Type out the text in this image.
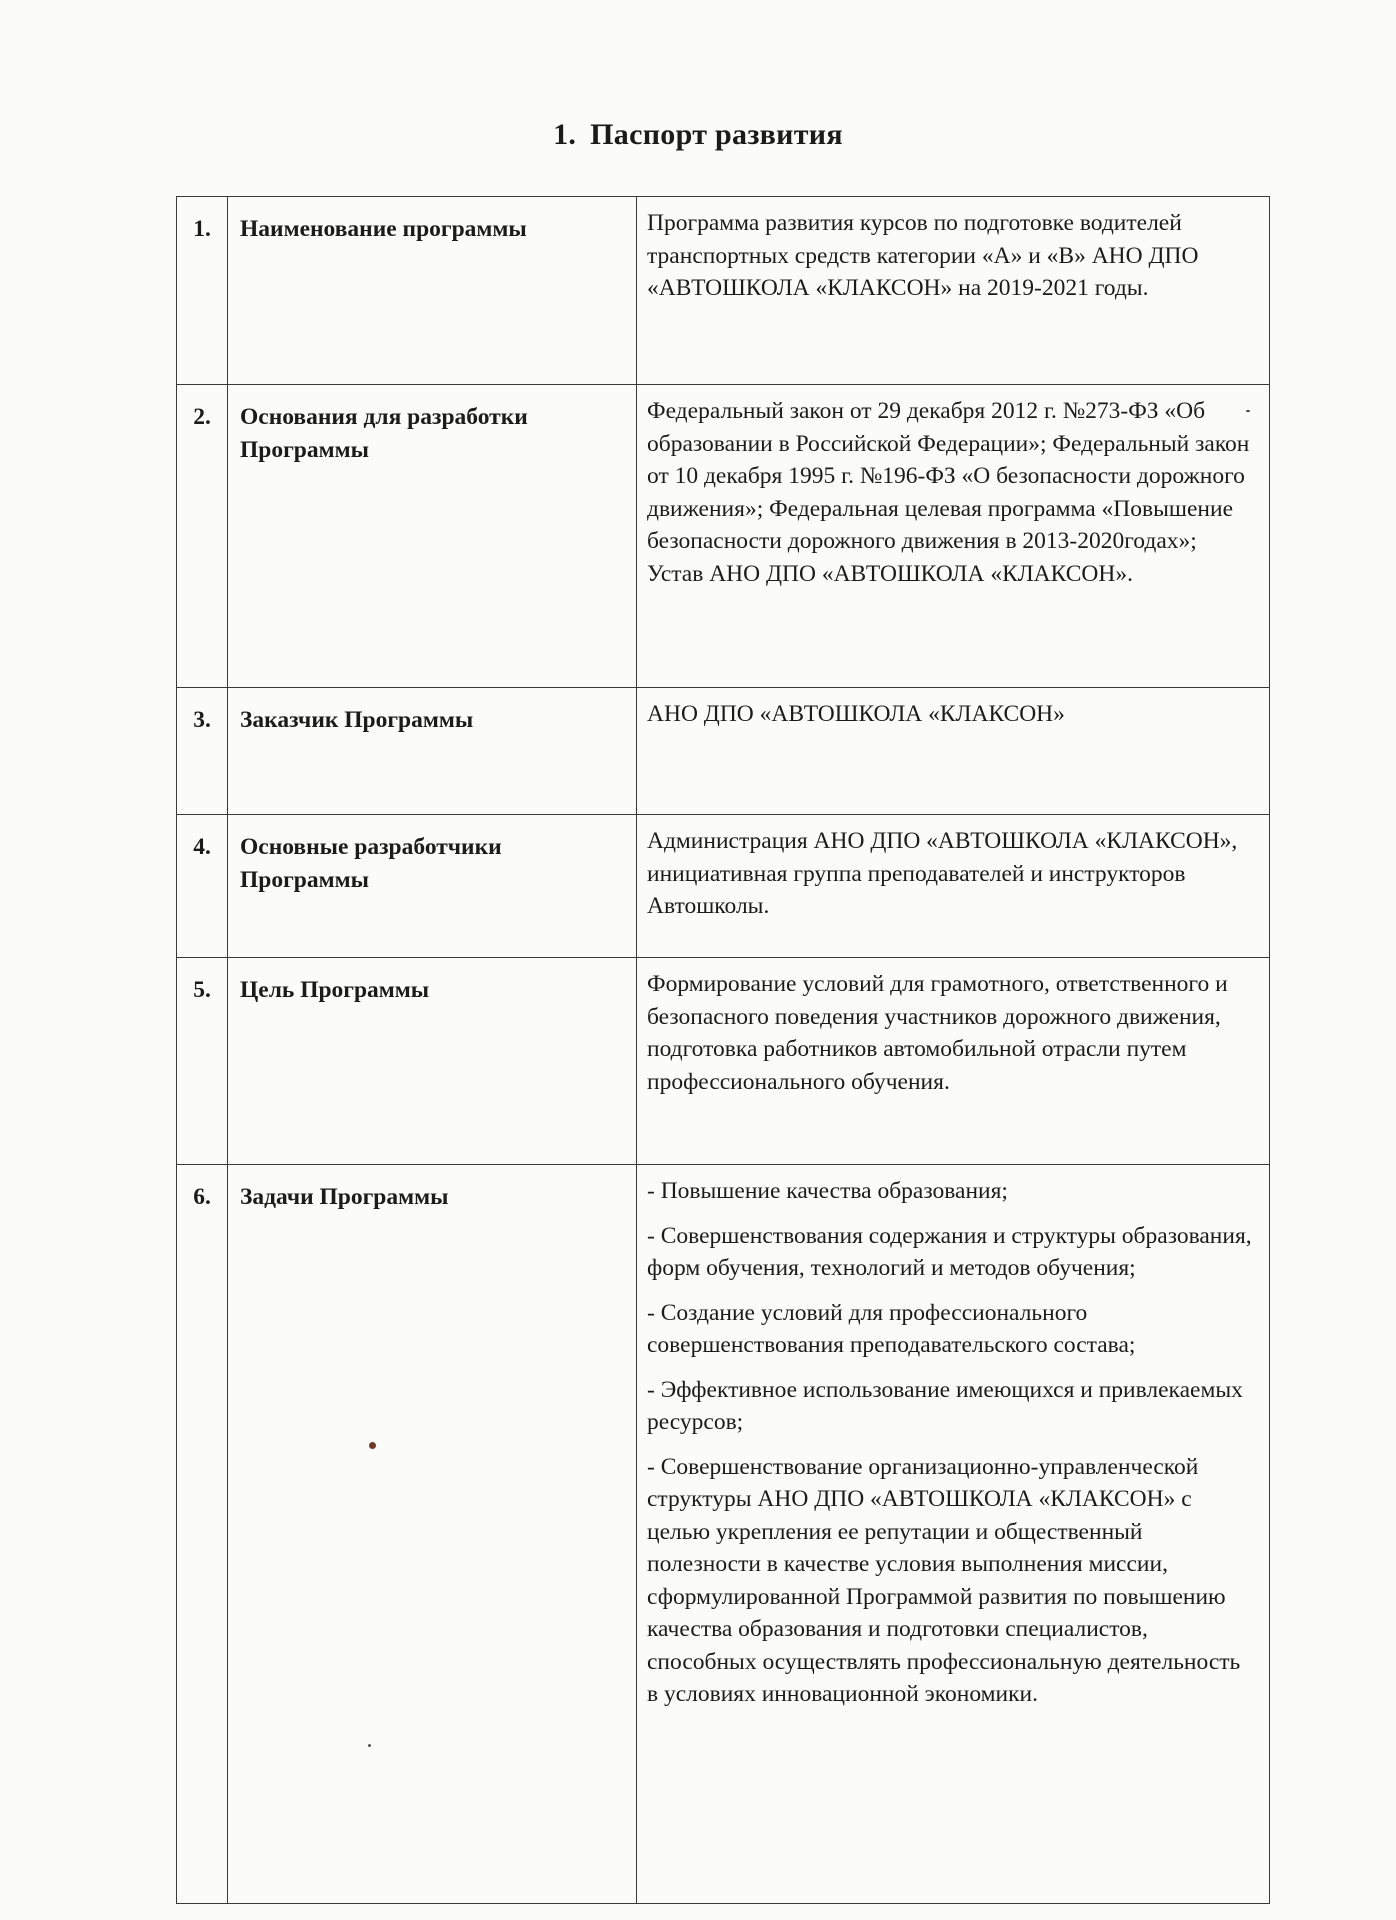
1. Паспорт развития
1.	Наименование программы	Программа развития курсов по подготовке водителей транспортных средств категории «А» и «В» АНО ДПО «АВТОШКОЛА «КЛАКСОН» на 2019-2021 годы.

2.	Основания для разработки Программы	Федеральный закон от 29 декабря 2012 г. №273-ФЗ «Об образовании в Российской Федерации»; Федеральный закон от 10 декабря 1995 г. №196-ФЗ «О безопасности дорожного движения»; Федеральная целевая программа «Повышение безопасности дорожного движения в 2013-2020годах»; Устав АНО ДПО «АВТОШКОЛА «КЛАКСОН».

3.	Заказчик Программы	АНО ДПО «АВТОШКОЛА «КЛАКСОН»

4.	Основные разработчики Программы	Администрация АНО ДПО «АВТОШКОЛА «КЛАКСОН», инициативная группа преподавателей и инструкторов Автошколы.

5.	Цель Программы	Формирование условий для грамотного, ответственного и безопасного поведения участников дорожного движения, подготовка работников автомобильной отрасли путем профессионального обучения.

6.	Задачи Программы	- Повышение качества образования;
- Совершенствования содержания и структуры образования, форм обучения, технологий и методов обучения;
- Создание условий для профессионального совершенствования преподавательского состава;
- Эффективное использование имеющихся и привлекаемых ресурсов;
- Совершенствование организационно-управленческой структуры АНО ДПО «АВТОШКОЛА «КЛАКСОН» с целью укрепления ее репутации и общественный полезности в качестве условия выполнения миссии, сформулированной Программой развития по повышению качества образования и подготовки специалистов, способных осуществлять профессиональную деятельность в условиях инновационной экономики.
